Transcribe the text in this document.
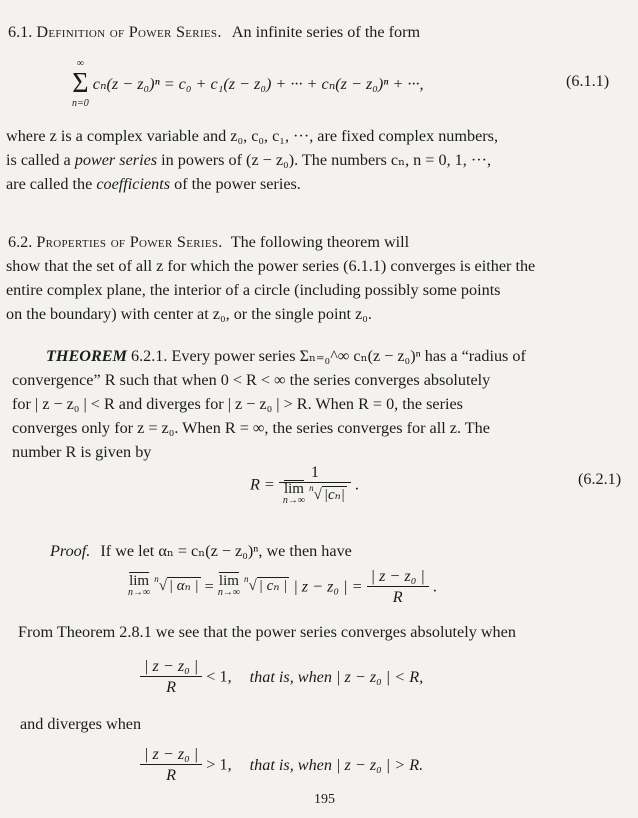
6.1. Definition of Power Series. An infinite series of the form
∞
Σ
n=0
cₙ(z − z₀)ⁿ = c₀ + c₁(z − z₀) + ··· + cₙ(z − z₀)ⁿ + ···,	(6.1.1)
where z is a complex variable and z₀, c₀, c₁, ···, are fixed complex numbers,
is called a power series in powers of (z − z₀). The numbers cₙ, n = 0, 1, ···,
are called the coefficients of the power series.
6.2. Properties of Power Series. The following theorem will
show that the set of all z for which the power series (6.1.1) converges is either the
entire complex plane, the interior of a circle (including possibly some points
on the boundary) with center at z₀, or the single point z₀.
THEOREM 6.2.1. Every power series Σₙ₌₀^∞ cₙ(z − z₀)ⁿ has a “radius of
convergence” R such that when 0 < R < ∞ the series converges absolutely
for | z − z₀ | < R and diverges for | z − z₀ | > R. When R = 0, the series
converges only for z = z₀. When R = ∞, the series converges for all z. The
number R is given by
R = 1
$\overline{lim}$
n→∞
$^n$√ |cₙ| .	(6.2.1)
Proof. If we let αₙ = cₙ(z − z₀)ⁿ, we then have
$\overline{lim}$
n→∞
$^n$√ | αₙ | = $\overline{lim}$
n→∞
$^n$√ | cₙ | | z − z₀ | = $\frac{\text{| z − z₀ |}}{R}$ .
From Theorem 2.8.1 we see that the power series converges absolutely when
$\frac{\text{| z − z₀ |}}{R} < 1$, that is, when | z − z₀ | < R,
and diverges when
$\frac{\text{| z − z₀ |}}{R} > 1$, that is, when | z − z₀ | > R.
195
